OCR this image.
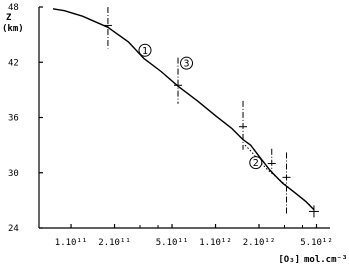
Z
(km)
[O₃] mol.cm⁻³
48
42
36
30
24
1.10¹¹ 2.10¹¹	5.10¹¹ 1.10¹² 2.10¹²	5.10¹²
1
3
2
